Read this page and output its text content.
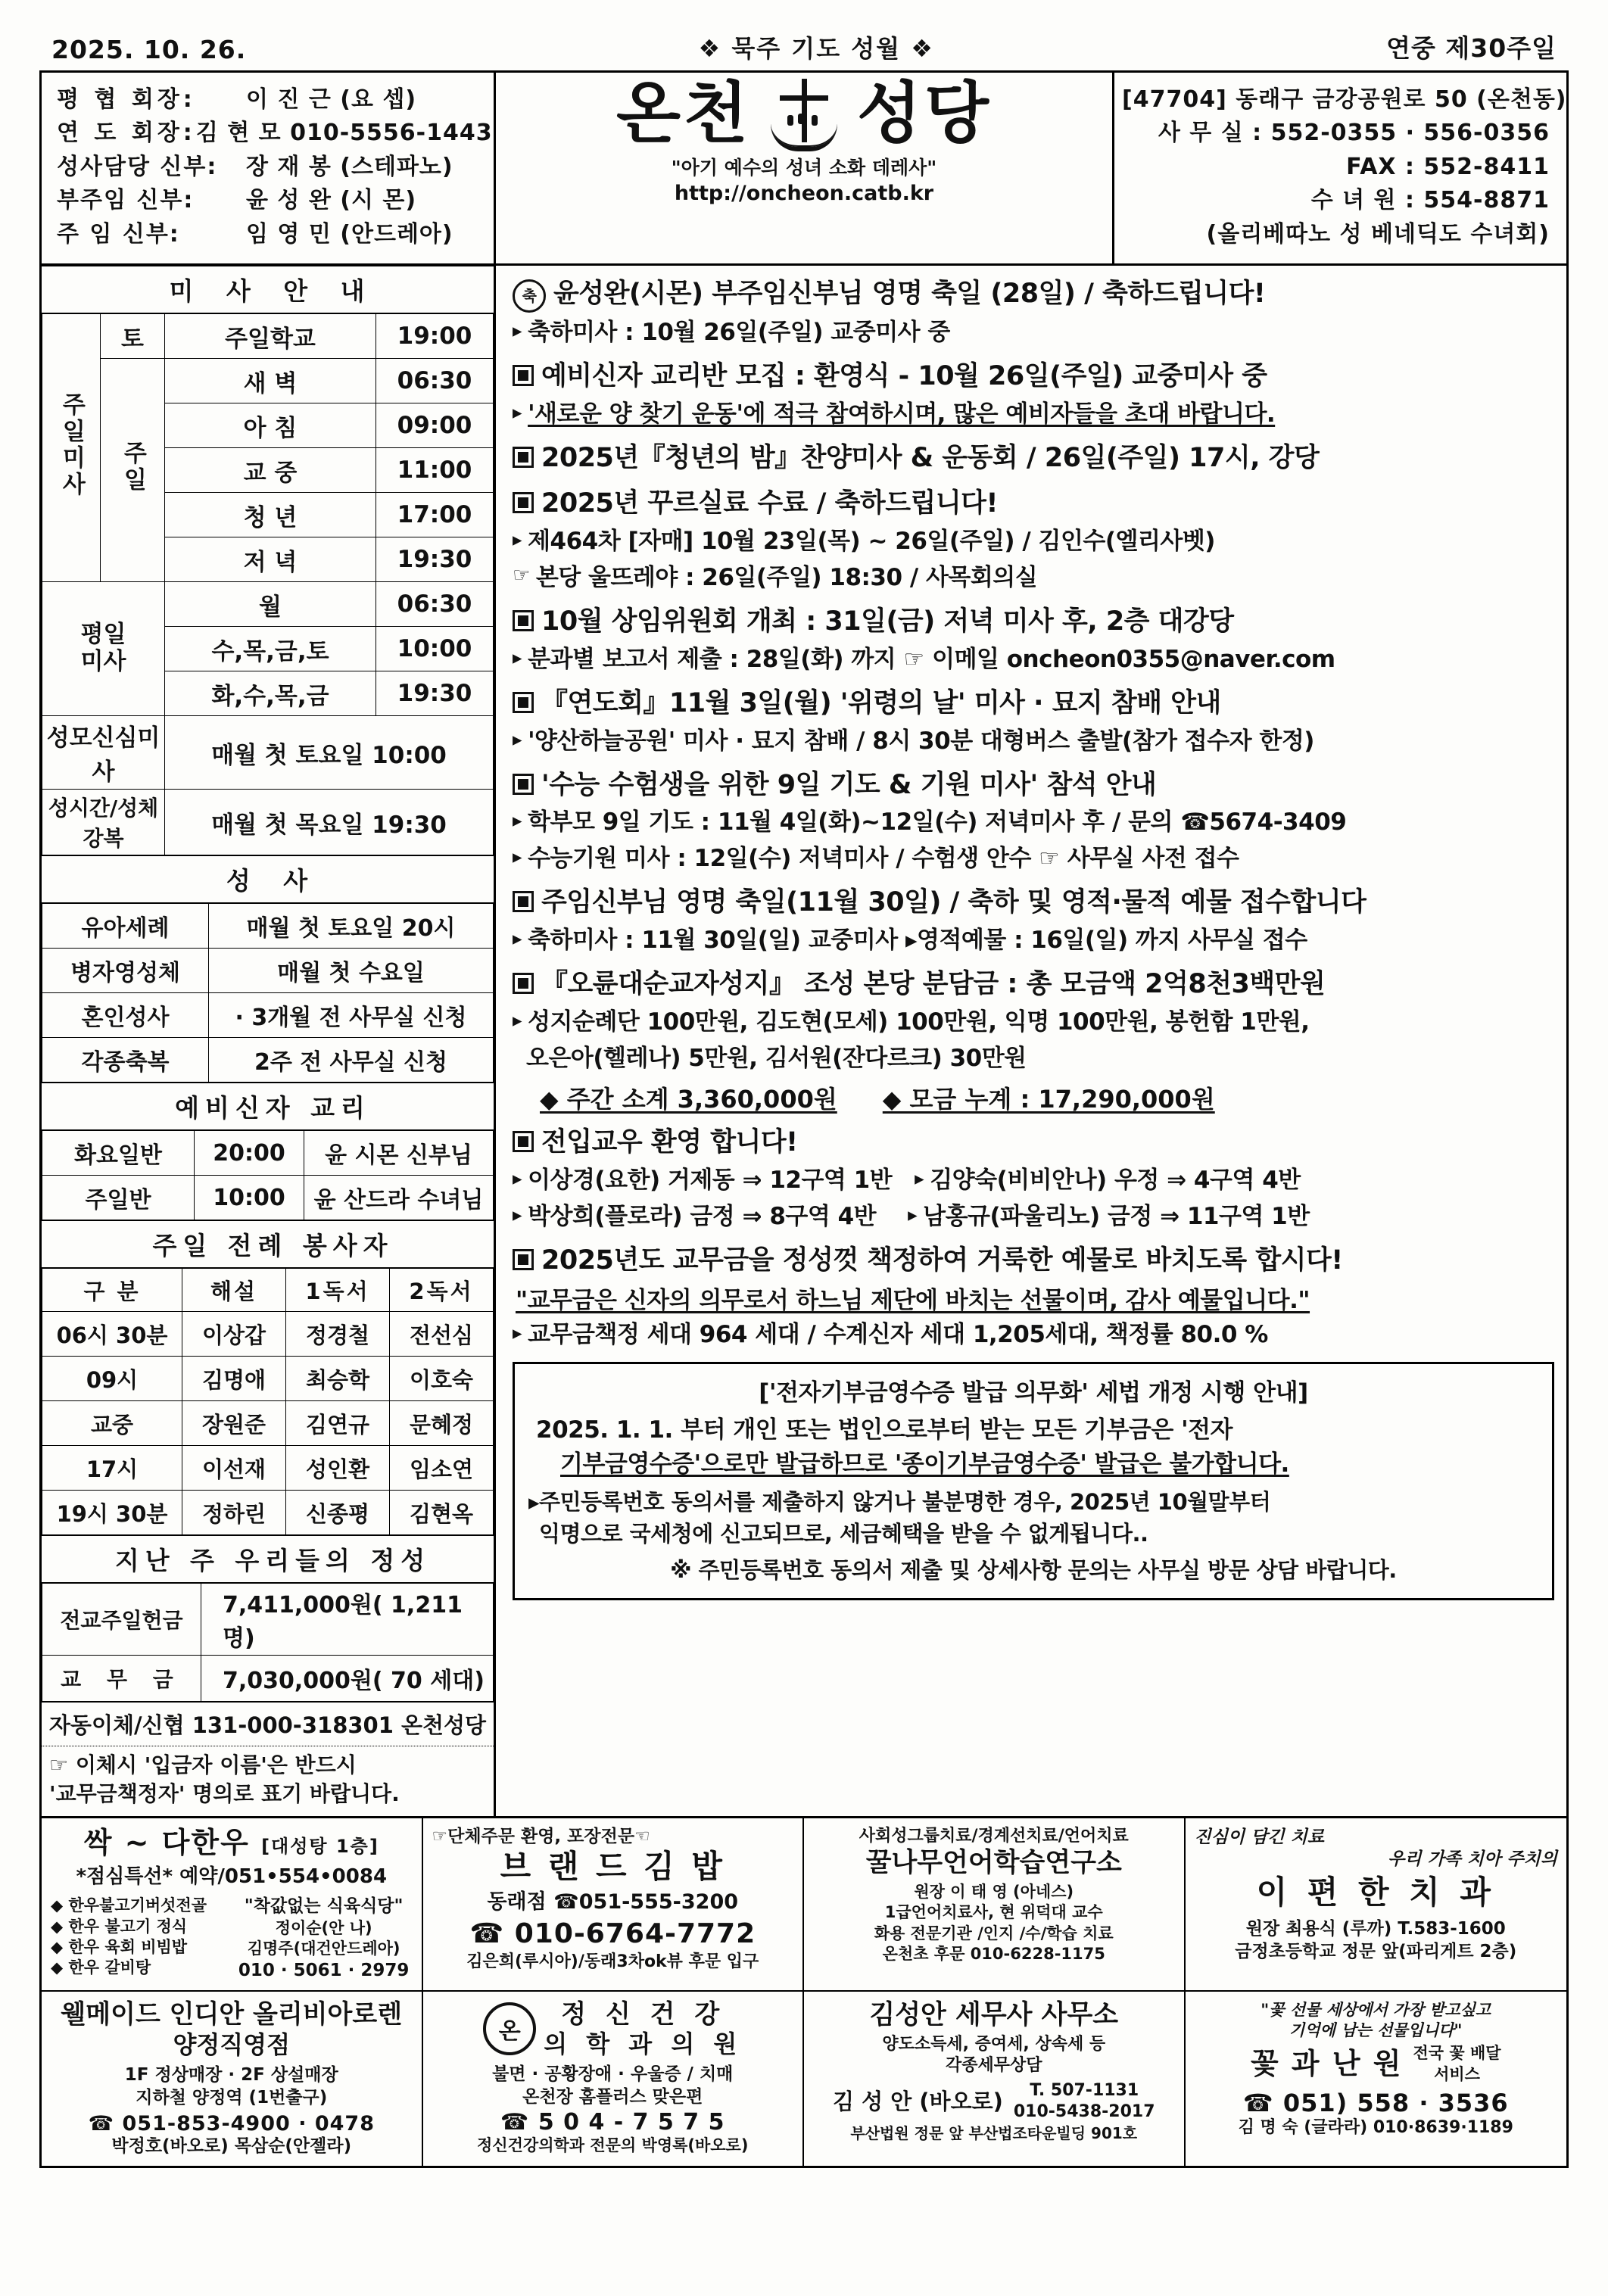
2025. 10. 26.	❖ 묵주 기도 성월 ❖	연중 제30주일
평 협 회장:	이 진 근 (요 셉)
연 도 회장: 김 현 모 010-5556-1443
성사담당 신부:	장 재 봉 (스테파노)
부주임 신부:	윤 성 완 (시 몬)
주 임 신부:	임 영 민 (안드레아)
온천 성당
"아기 예수의 성녀 소화 데레사"
http://oncheon.catb.kr
[47704] 동래구 금강공원로 50 (온천동)
사 무 실 : 552-0355 · 556-0356
FAX : 552-8411
수 녀 원 : 554-8871
(올리베따노 성 베네딕도 수녀회)
미 사 안 내
주일미사	토	주일학교	19:00
	주일	새 벽	06:30
		아 침	09:00
		교 중	11:00
		청 년	17:00
		저 녁	19:30
평일
미사		월	06:30
		수,목,금,토	10:00
		화,수,목,금	19:30
성모신심미사		매월 첫 토요일 10:00	
성시간/성체강복		매월 첫 목요일 19:30	
성 사
유아세례	매월 첫 토요일 20시
병자영성체	매월 첫 수요일
혼인성사	· 3개월 전 사무실 신청
각종축복	2주 전 사무실 신청
예비신자 교리
화요일반	20:00	윤 시몬 신부님
주일반	10:00	윤 산드라 수녀님
주일 전례 봉사자
구 분	해설	1독서	2독서
06시 30분	이상갑	정경철	전선심
09시	김명애	최승학	이호숙
교중	장원준	김연규	문혜정
17시	이선재	성인환	임소연
19시 30분	정하린	신종평	김현옥
지난 주 우리들의 정성
전교주일헌금	7,411,000원( 1,211 명)
교 무 금	7,030,000원( 70 세대)
자동이체/신협 131-000-318301 온천성당
☞ 이체시 '입금자 이름'은 반드시
'교무금책정자' 명의로 표기 바랍니다.
축 윤성완(시몬) 부주임신부님 영명 축일 (28일) / 축하드립니다!
▸ 축하미사 : 10월 26일(주일) 교중미사 중
예비신자 교리반 모집 : 환영식 - 10월 26일(주일) 교중미사 중
▸ '새로운 양 찾기 운동'에 적극 참여하시며, 많은 예비자들을 초대 바랍니다.
2025년『청년의 밤』찬양미사 & 운동회 / 26일(주일) 17시, 강당
2025년 꾸르실료 수료 / 축하드립니다!
▸ 제464차 [자매] 10월 23일(목) ~ 26일(주일) / 김인수(엘리사벳)
☞ 본당 울뜨레야 : 26일(주일) 18:30 / 사목회의실
10월 상임위원회 개최 : 31일(금) 저녁 미사 후, 2층 대강당
▸ 분과별 보고서 제출 : 28일(화) 까지 ☞ 이메일 oncheon0355@naver.com
『연도회』11월 3일(월) '위령의 날' 미사 · 묘지 참배 안내
▸ '양산하늘공원' 미사 · 묘지 참배 / 8시 30분 대형버스 출발(참가 접수자 한정)
'수능 수험생을 위한 9일 기도 & 기원 미사' 참석 안내
▸ 학부모 9일 기도 : 11월 4일(화)~12일(수) 저녁미사 후 / 문의 ☎5674-3409
▸ 수능기원 미사 : 12일(수) 저녁미사 / 수험생 안수 ☞ 사무실 사전 접수
주임신부님 영명 축일(11월 30일) / 축하 및 영적·물적 예물 접수합니다
▸ 축하미사 : 11월 30일(일) 교중미사 ▸영적예물 : 16일(일) 까지 사무실 접수
『오륜대순교자성지』 조성 본당 분담금 : 총 모금액 2억8천3백만원
▸ 성지순례단 100만원, 김도현(모세) 100만원, 익명 100만원, 봉헌함 1만원,
오은아(헬레나) 5만원, 김서원(잔다르크) 30만원
◆ 주간 소계 3,360,000원 ◆ 모금 누계 : 17,290,000원
전입교우 환영 합니다!
▸ 이상경(요한) 거제동 ⇒ 12구역 1반 ▸ 김양숙(비비안나) 우정 ⇒ 4구역 4반
▸ 박상희(플로라) 금정 ⇒ 8구역 4반 ▸ 남홍규(파울리노) 금정 ⇒ 11구역 1반
2025년도 교무금을 정성껏 책정하여 거룩한 예물로 바치도록 합시다!
"교무금은 신자의 의무로서 하느님 제단에 바치는 선물이며, 감사 예물입니다."
▸ 교무금책정 세대 964 세대 / 수계신자 세대 1,205세대, 책정률 80.0 %
['전자기부금영수증 발급 의무화' 세법 개정 시행 안내]
2025. 1. 1. 부터 개인 또는 법인으로부터 받는 모든 기부금은 '전자
기부금영수증'으로만 발급하므로 '종이기부금영수증' 발급은 불가합니다.
▸주민등록번호 동의서를 제출하지 않거나 불분명한 경우, 2025년 10월말부터
익명으로 국세청에 신고되므로, 세금혜택을 받을 수 없게됩니다..
※ 주민등록번호 동의서 제출 및 상세사항 문의는 사무실 방문 상담 바랍니다.
싹 ~ 다한우 [대성탕 1층]
*점심특선* 예약/051•554•0084
◆ 한우불고기버섯전골
◆ 한우 불고기 정식
◆ 한우 육회 비빔밥
◆ 한우 갈비탕
"착값없는 식육식당"
정이순(안 나)
김명주(대건안드레아)
010 · 5061 · 2979
☞단체주문 환영, 포장전문☜
브 랜 드 김 밥
동래점 ☎051-555-3200
☎ 010-6764-7772
김은희(루시아)/동래3차ok뷰 후문 입구
사회성그룹치료/경계선치료/언어치료
꿀나무언어학습연구소
원장 이 태 영 (아네스)
1급언어치료사, 현 위덕대 교수
화용 전문기관 /인지 /수/학습 치료
온천초 후문 010-6228-1175
진심이 담긴 치료
우리 가족 치아 주치의
이 편 한 치 과
원장 최용식 (루까) T.583-1600
금정초등학교 정문 앞(파리게트 2층)
웰메이드 인디안 올리비아로렌
양정직영점
1F 정상매장 · 2F 상설매장
지하철 양정역 (1번출구)
☎ 051-853-4900 · 0478
박정호(바오로) 목삼순(안젤라)
온
정 신 건 강
의 학 과 의 원
불면 · 공황장애 · 우울증 / 치매
온천장 홈플러스 맞은편
☎ 5 0 4 - 7 5 7 5
정신건강의학과 전문의 박영록(바오로)
김성안 세무사 사무소
양도소득세, 증여세, 상속세 등
각종세무상담
김 성 안 (바오로)	T. 507-1131
010-5438-2017
부산법원 정문 앞 부산법조타운빌딩 901호
"꽃 선물 세상에서 가장 받고싶고
기억에 남는 선물입니다"
꽃 과 난 원 전국 꽃 배달
서비스
☎ 051) 558 · 3536
김 명 숙 (글라라) 010·8639·1189
